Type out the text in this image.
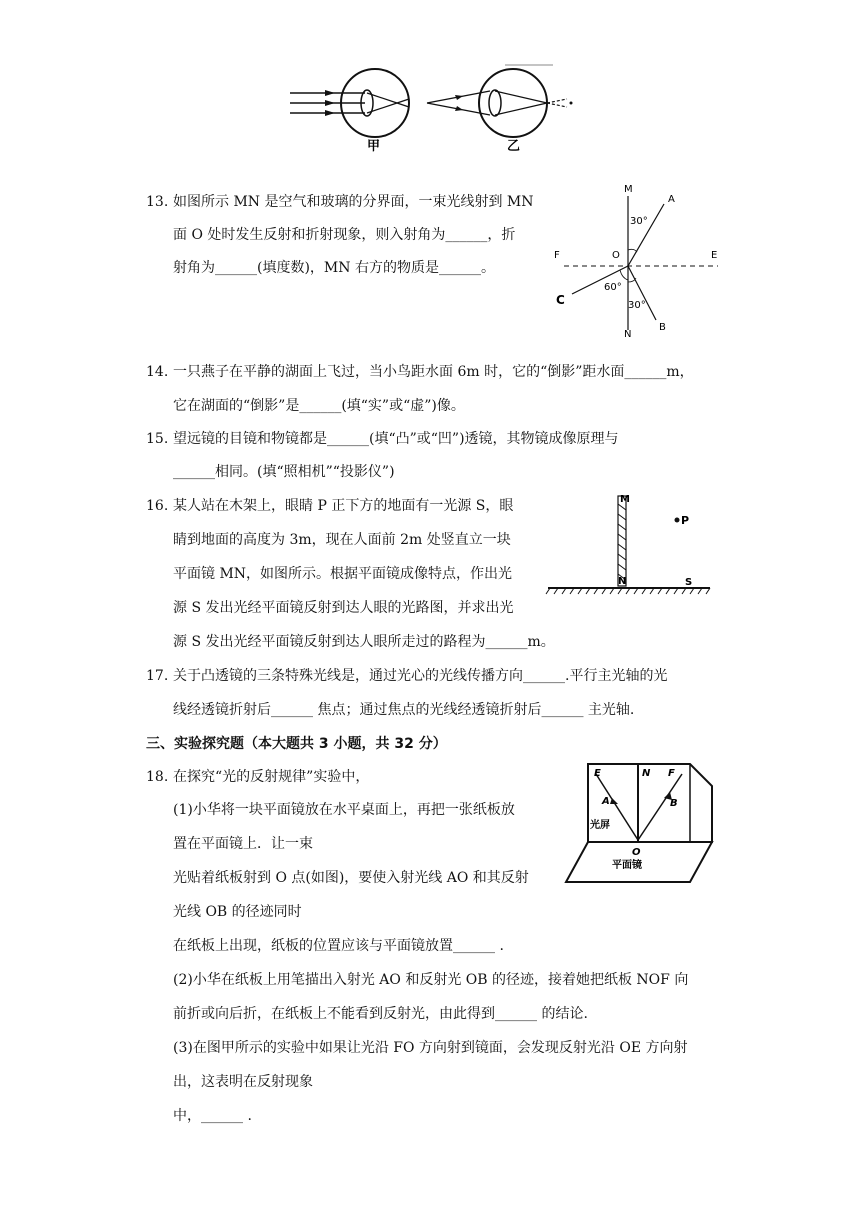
甲	乙
13. 如图所示 MN 是空气和玻璃的分界面，一束光线射到 MN
面 O 处时发生反射和折射现象，则入射角为______，折
射角为______(填度数)，MN 右方的物质是______。
M
N
F	E
O
A
B
C
30°
60°
30°
14. 一只燕子在平静的湖面上飞过，当小鸟距水面 6m 时，它的“倒影”距水面______m，
它在湖面的“倒影”是______(填“实”或“虚”)像。
15. 望远镜的目镜和物镜都是______(填“凸”或“凹”)透镜，其物镜成像原理与
______相同。(填“照相机”“投影仪”)
16. 某人站在木架上，眼睛 P 正下方的地面有一光源 S，眼
睛到地面的高度为 3m，现在人面前 2m 处竖直立一块
平面镜 MN，如图所示。根据平面镜成像特点，作出光
源 S 发出光经平面镜反射到达人眼的光路图，并求出光
源 S 发出光经平面镜反射到达人眼所走过的路程为______m。
M
N
P
S
17. 关于凸透镜的三条特殊光线是，通过光心的光线传播方向______.平行主光轴的光
线经透镜折射后______ 焦点；通过焦点的光线经透镜折射后______ 主光轴.
三、实验探究题（本大题共 3 小题，共 32 分）
18. 在探究“光的反射规律”实验中，
(1)小华将一块平面镜放在水平桌面上，再把一张纸板放
置在平面镜上．让一束
光贴着纸板射到 O 点(如图)，要使入射光线 AO 和其反射
光线 OB 的径迹同时
在纸板上出现，纸板的位置应该与平面镜放置______ .
(2)小华在纸板上用笔描出入射光 AO 和反射光 OB 的径迹，接着她把纸板 NOF 向
前折或向后折，在纸板上不能看到反射光，由此得到______ 的结论.
(3)在图甲所示的实验中如果让光沿 FO 方向射到镜面，会发现反射光沿 OE 方向射
出，这表明在反射现象
中，______ .
平面镜
E	N F
A	B
光屏
O
